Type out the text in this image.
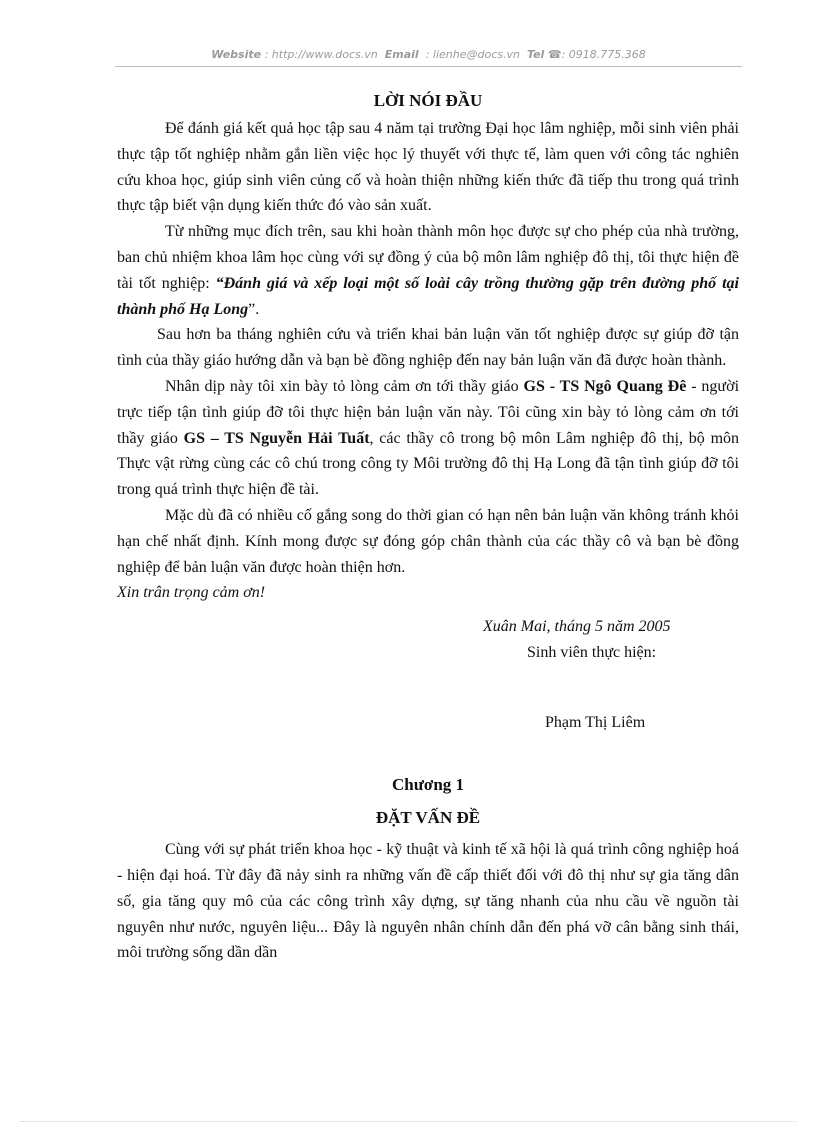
Website : http://www.docs.vn Email : lienhe@docs.vn Tel ☎: 0918.775.368
LỜI NÓI ĐẦU

Để đánh giá kết quả học tập sau 4 năm tại trường Đại học lâm nghiệp, mỗi sinh viên phải thực tập tốt nghiệp nhằm gắn liền việc học lý thuyết với thực tế, làm quen với công tác nghiên cứu khoa học, giúp sinh viên củng cố và hoàn thiện những kiến thức đã tiếp thu trong quá trình thực tập biết vận dụng kiến thức đó vào sản xuất.

Từ những mục đích trên, sau khi hoàn thành môn học được sự cho phép của nhà trường, ban chủ nhiệm khoa lâm học cùng với sự đồng ý của bộ môn lâm nghiệp đô thị, tôi thực hiện đề tài tốt nghiệp: “Đánh giá và xếp loại một số loài cây trồng thường gặp trên đường phố tại thành phố Hạ Long”.

Sau hơn ba tháng nghiên cứu và triển khai bản luận văn tốt nghiệp được sự giúp đỡ tận tình của thầy giáo hướng dẫn và bạn bè đồng nghiệp đến nay bản luận văn đã được hoàn thành.

Nhân dịp này tôi xin bày tỏ lòng cảm ơn tới thầy giáo GS - TS Ngô Quang Đê - người trực tiếp tận tình giúp đỡ tôi thực hiện bản luận văn này. Tôi cũng xin bày tỏ lòng cảm ơn tới thầy giáo GS – TS Nguyễn Hải Tuất, các thầy cô trong bộ môn Lâm nghiệp đô thị, bộ môn Thực vật rừng cùng các cô chú trong công ty Môi trường đô thị Hạ Long đã tận tình giúp đỡ tôi trong quá trình thực hiện đề tài.

Mặc dù đã có nhiều cố gắng song do thời gian có hạn nên bản luận văn không tránh khỏi hạn chế nhất định. Kính mong được sự đóng góp chân thành của các thầy cô và bạn bè đồng nghiệp để bản luận văn được hoàn thiện hơn.

Xin trân trọng cảm ơn!

Xuân Mai, tháng 5 năm 2005
Sinh viên thực hiện:
Phạm Thị Liêm
Chương 1
ĐẶT VẤN ĐỀ

Cùng với sự phát triển khoa học - kỹ thuật và kinh tế xã hội là quá trình công nghiệp hoá - hiện đại hoá. Từ đây đã nảy sinh ra những vấn đề cấp thiết đối với đô thị như sự gia tăng dân số, gia tăng quy mô của các công trình xây dựng, sự tăng nhanh của nhu cầu về nguồn tài nguyên như nước, nguyên liệu... Đây là nguyên nhân chính dẫn đến phá vỡ cân bằng sinh thái, môi trường sống dần dần
